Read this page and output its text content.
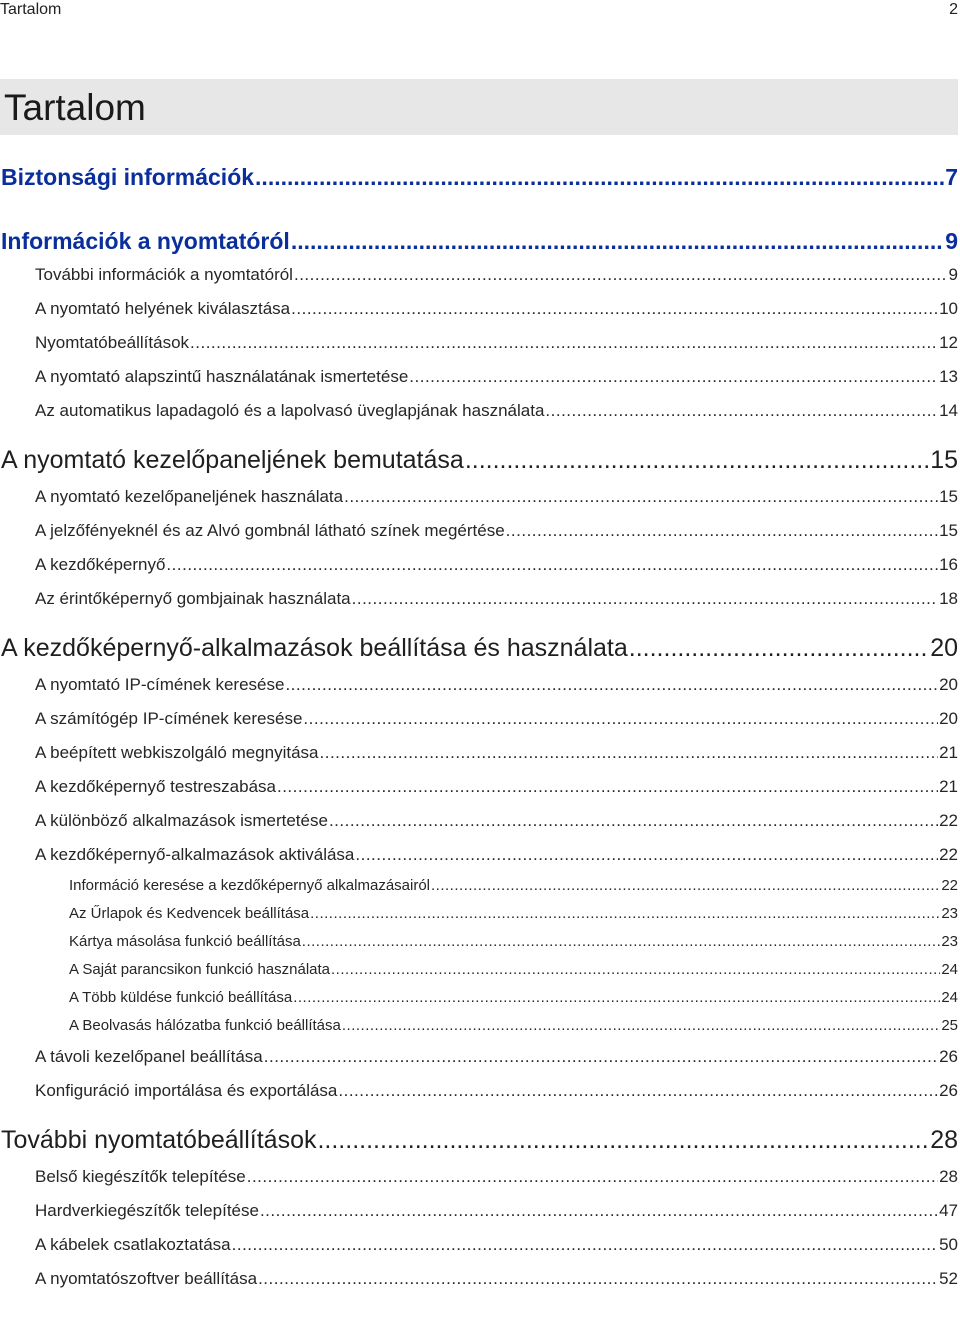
Tartalom	2
Tartalom
Biztonsági információk .....	7
Információk a nyomtatóról .....	9
További információk a nyomtatóról .....	9
A nyomtató helyének kiválasztása .....	10
Nyomtatóbeállítások .....	12
A nyomtató alapszintű használatának ismertetése .....	13
Az automatikus lapadagoló és a lapolvasó üveglapjának használata .....	14
A nyomtató kezelőpaneljének bemutatása .....	15
A nyomtató kezelőpaneljének használata .....	15
A jelzőfényeknél és az Alvó gombnál látható színek megértése .....	15
A kezdőképernyő .....	16
Az érintőképernyő gombjainak használata .....	18
A kezdőképernyő-alkalmazások beállítása és használata .....	20
A nyomtató IP-címének keresése .....	20
A számítógép IP-címének keresése .....	20
A beépített webkiszolgáló megnyitása .....	21
A kezdőképernyő testreszabása .....	21
A különböző alkalmazások ismertetése .....	22
A kezdőképernyő-alkalmazások aktiválása .....	22
Információ keresése a kezdőképernyő alkalmazásairól .....	22
Az Űrlapok és Kedvencek beállítása .....	23
Kártya másolása funkció beállítása .....	23
A Saját parancsikon funkció használata .....	24
A Több küldése funkció beállítása .....	24
A Beolvasás hálózatba funkció beállítása .....	25
A távoli kezelőpanel beállítása .....	26
Konfiguráció importálása és exportálása .....	26
További nyomtatóbeállítások .....	28
Belső kiegészítők telepítése .....	28
Hardverkiegészítők telepítése .....	47
A kábelek csatlakoztatása .....	50
A nyomtatószoftver beállítása .....	52
